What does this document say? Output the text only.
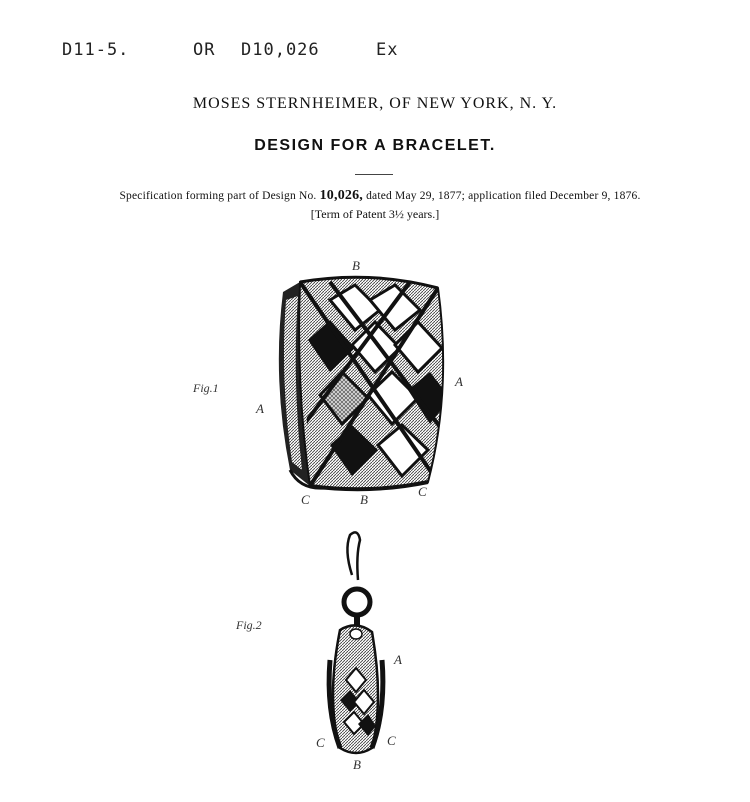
D11-5.	OR D10,026	Ex
MOSES STERNHEIMER, OF NEW YORK, N. Y.
DESIGN FOR A BRACELET.
Specification forming part of Design No. 10,026, dated May 29, 1877; application filed December 9, 1876.
[Term of Patent 3½ years.]
Fig.1
Fig.2
B
A
A
C	B
C
A
C	C
B
